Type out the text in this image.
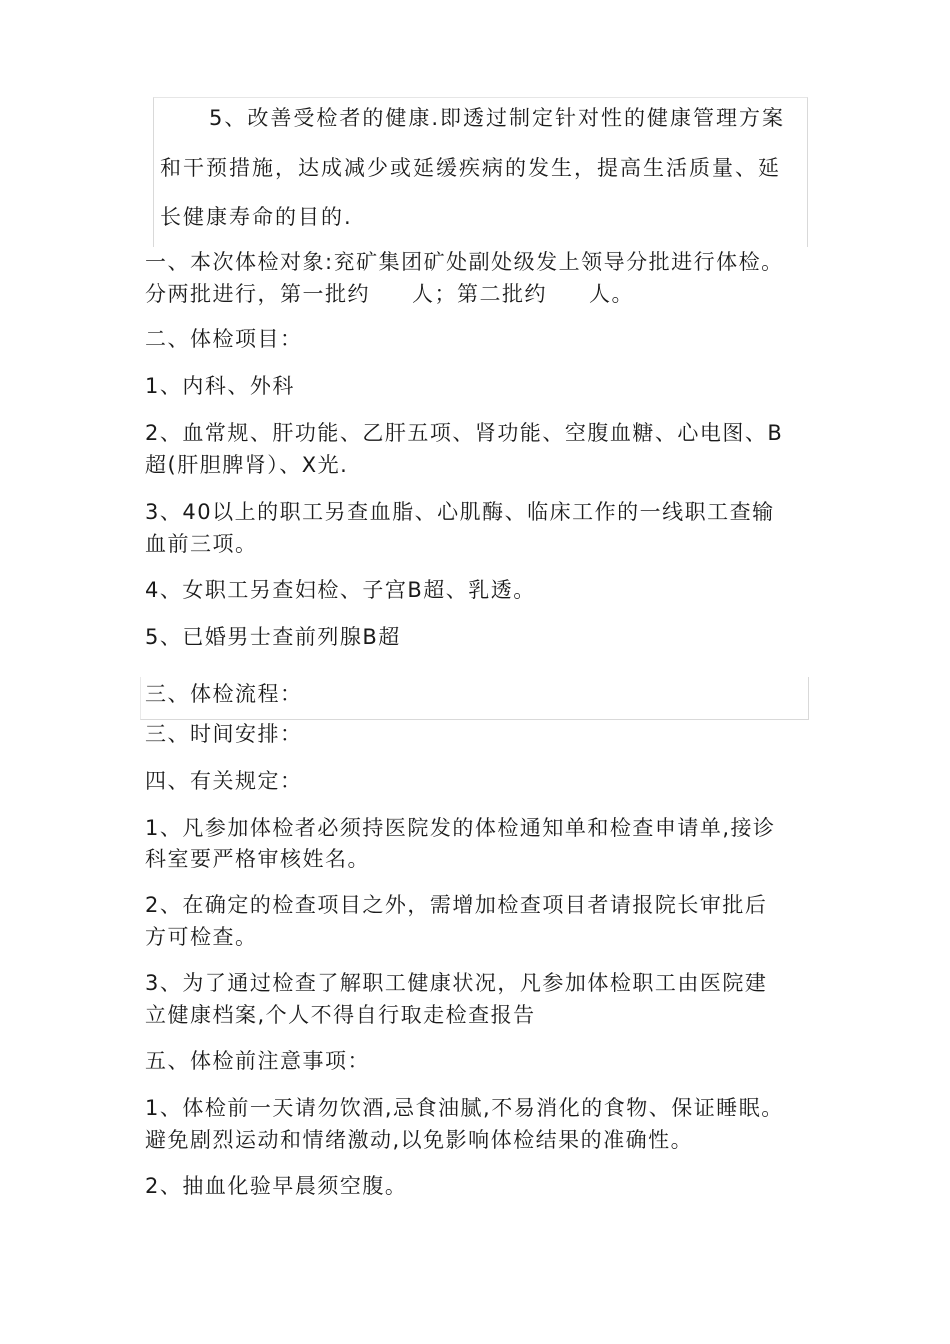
5、改善受检者的健康.即透过制定针对性的健康管理方案

和干预措施，达成减少或延缓疾病的发生，提高生活质量、延

长健康寿命的目的.

一、本次体检对象:兖矿集团矿处副处级发上领导分批进行体检。

分两批进行，第一批约 人；第二批约 人。

二、体检项目：

1、内科、外科

2、血常规、肝功能、乙肝五项、肾功能、空腹血糖、心电图、B

超(肝胆脾肾）、X光.

3、40以上的职工另查血脂、心肌酶、临床工作的一线职工查输

血前三项。

4、女职工另查妇检、子宫B超、乳透。

5、已婚男士查前列腺B超

三、体检流程：

三、时间安排：

四、有关规定：

1、凡参加体检者必须持医院发的体检通知单和检查申请单,接诊

科室要严格审核姓名。

2、在确定的检查项目之外，需增加检查项目者请报院长审批后

方可检查。

3、为了通过检查了解职工健康状况，凡参加体检职工由医院建

立健康档案,个人不得自行取走检查报告

五、体检前注意事项：

1、体检前一天请勿饮酒,忌食油腻,不易消化的食物、保证睡眠。

避免剧烈运动和情绪激动,以免影响体检结果的准确性。

2、抽血化验早晨须空腹。
